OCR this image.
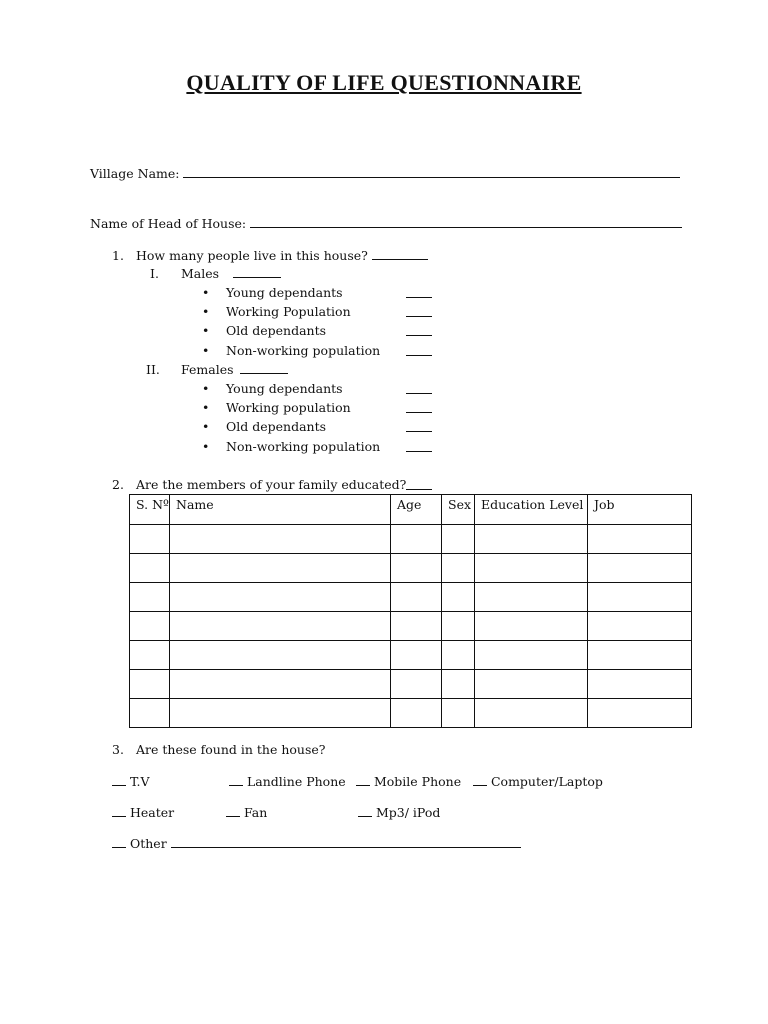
QUALITY OF LIFE QUESTIONNAIRE
Village Name:
Name of Head of House:
1. How many people live in this house?
I. Males
• Young dependants
• Working Population
• Old dependants
• Non-working population
II. Females
• Young dependants
• Working population
• Old dependants
• Non-working population
2. Are the members of your family educated?
S. Nº	Name	Age	Sex	Education Level	Job

3. Are these found in the house?
T.V	Landline Phone	Mobile Phone	Computer/Laptop
Heater	Fan	Mp3/ iPod
Other
